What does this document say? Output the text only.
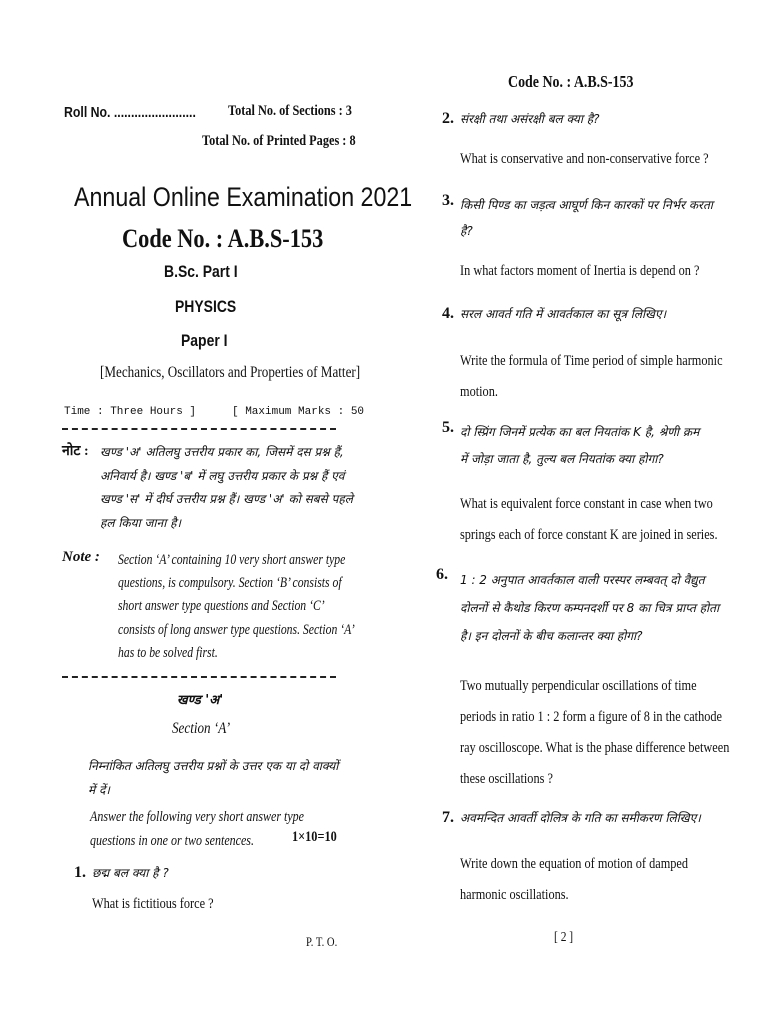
Roll No. ........................	Total No. of Sections : 3
Total No. of Printed Pages : 8
Annual Online Examination 2021
Code No. : A.B.S-153
B.Sc. Part I
PHYSICS
Paper I
[Mechanics, Oscillators and Properties of Matter]
Time : Three Hours ]	[ Maximum Marks : 50
नोट : खण्ड 'अ' अतिलघु उत्तरीय प्रकार का, जिसमें दस प्रश्न हैं,
अनिवार्य है। खण्ड 'ब' में लघु उत्तरीय प्रकार के प्रश्न हैं एवं
खण्ड 'स' में दीर्घ उत्तरीय प्रश्न हैं। खण्ड 'अ' को सबसे पहले
हल किया जाना है।
Note : Section ‘A’ containing 10 very short answer type
questions, is compulsory. Section ‘B’ consists of
short answer type questions and Section ‘C’
consists of long answer type questions. Section ‘A’
has to be solved first.
खण्ड 'अ'
Section ‘A’
निम्नांकित अतिलघु उत्तरीय प्रश्नों के उत्तर एक या दो वाक्यों
में दें।
Answer the following very short answer type
questions in one or two sentences.	1×10=10
1. छद्म बल क्या है ?
What is fictitious force ?
P. T. O.
Code No. : A.B.S-153
2. संरक्षी तथा असंरक्षी बल क्या है?
What is conservative and non-conservative force ?
3. किसी पिण्ड का जड़त्व आघूर्ण किन कारकों पर निर्भर करता
है?
In what factors moment of Inertia is depend on ?
4. सरल आवर्त गति में आवर्तकाल का सूत्र लिखिए।
Write the formula of Time period of simple harmonic
motion.
5. दो स्प्रिंग जिनमें प्रत्येक का बल नियतांक K है, श्रेणी क्रम
में जोड़ा जाता है, तुल्य बल नियतांक क्या होगा?
What is equivalent force constant in case when two
springs each of force constant K are joined in series.
6. 1 : 2 अनुपात आवर्तकाल वाली परस्पर लम्बवत् दो वैद्युत
दोलनों से कैथोड किरण कम्पनदर्शी पर 8 का चित्र प्राप्त होता
है। इन दोलनों के बीच कलान्तर क्या होगा?
Two mutually perpendicular oscillations of time
periods in ratio 1 : 2 form a figure of 8 in the cathode
ray oscilloscope. What is the phase difference between
these oscillations ?
7. अवमन्दित आवर्ती दोलित्र के गति का समीकरण लिखिए।
Write down the equation of motion of damped
harmonic oscillations.
[ 2 ]
